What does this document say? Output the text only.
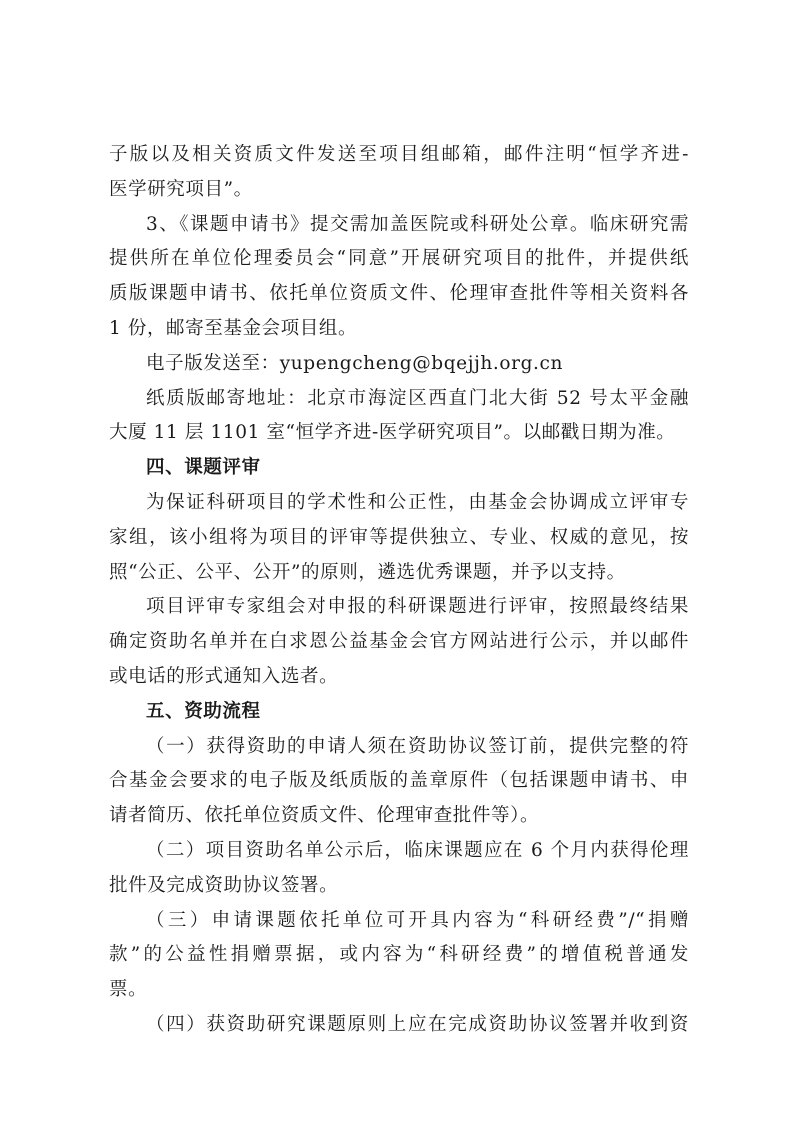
子版以及相关资质文件发送至项目组邮箱，邮件注明“恒学齐进-
医学研究项目”。
3、《课题申请书》提交需加盖医院或科研处公章。临床研究需
提供所在单位伦理委员会“同意”开展研究项目的批件，并提供纸
质版课题申请书、依托单位资质文件、伦理审查批件等相关资料各
1 份，邮寄至基金会项目组。
电子版发送至：yupengcheng@bqejjh.org.cn
纸质版邮寄地址：北京市海淀区西直门北大街 52 号太平金融
大厦 11 层 1101 室“恒学齐进-医学研究项目”。以邮戳日期为准。
四、课题评审
为保证科研项目的学术性和公正性，由基金会协调成立评审专
家组，该小组将为项目的评审等提供独立、专业、权威的意见，按
照“公正、公平、公开”的原则，遴选优秀课题，并予以支持。
项目评审专家组会对申报的科研课题进行评审，按照最终结果
确定资助名单并在白求恩公益基金会官方网站进行公示，并以邮件
或电话的形式通知入选者。
五、资助流程
（一）获得资助的申请人须在资助协议签订前，提供完整的符
合基金会要求的电子版及纸质版的盖章原件（包括课题申请书、申
请者简历、依托单位资质文件、伦理审查批件等）。
（二）项目资助名单公示后，临床课题应在 6 个月内获得伦理
批件及完成资助协议签署。
（三）申请课题依托单位可开具内容为“科研经费”/“捐赠
款”的公益性捐赠票据，或内容为“科研经费”的增值税普通发
票。
（四）获资助研究课题原则上应在完成资助协议签署并收到资
